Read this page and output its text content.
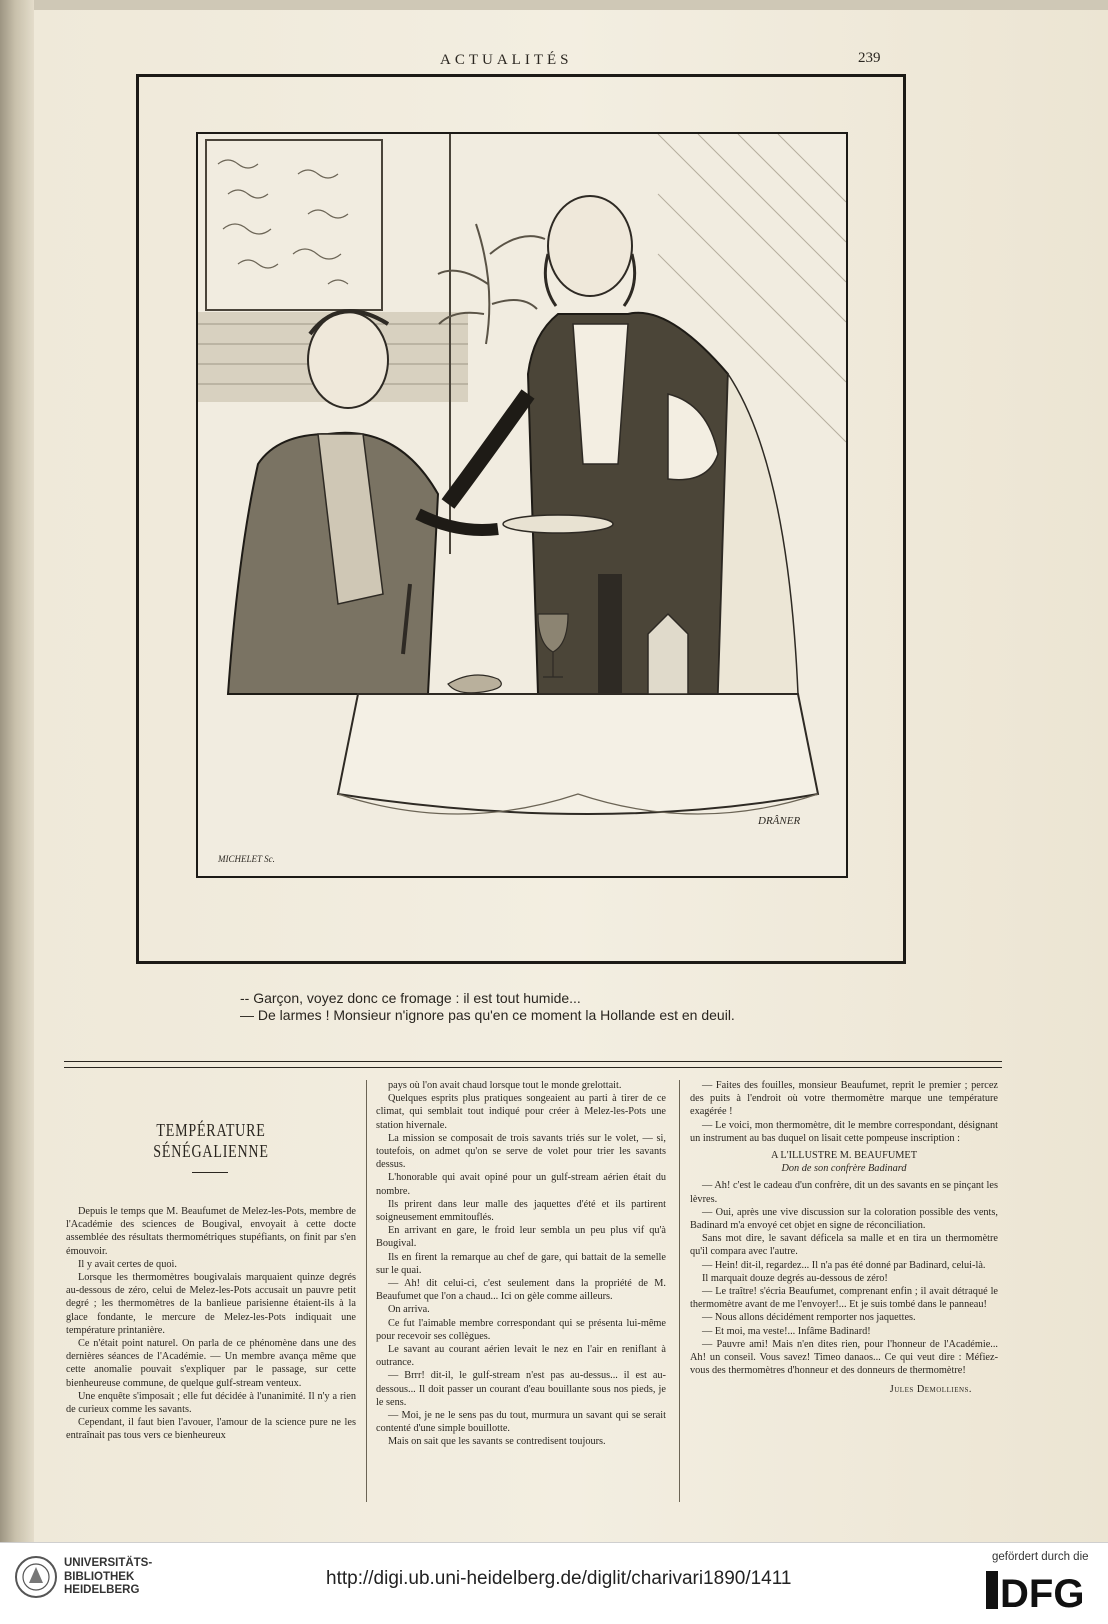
ACTUALITÉS	239
MICHELET Sc.
DRÂNER
-- Garçon, voyez donc ce fromage : il est tout humide...
— De larmes ! Monsieur n'ignore pas qu'en ce moment la Hollande est en deuil.
TEMPÉRATURE SÉNÉGALIENNE

Depuis le temps que M. Beaufumet de Melez-les-Pots, membre de l'Académie des sciences de Bougival, envoyait à cette docte assemblée des résultats thermométriques stupéfiants, on finit par s'en émouvoir.

Il y avait certes de quoi.

Lorsque les thermomètres bougivalais marquaient quinze degrés au-dessous de zéro, celui de Melez-les-Pots accusait un pauvre petit degré ; les thermomètres de la banlieue parisienne étaient-ils à la glace fondante, le mercure de Melez-les-Pots indiquait une température printanière.

Ce n'était point naturel. On parla de ce phénomène dans une des dernières séances de l'Académie. — Un membre avança même que cette anomalie pouvait s'expliquer par le passage, sur cette bienheureuse commune, de quelque gulf-stream venteux.

Une enquête s'imposait ; elle fut décidée à l'unanimité. Il n'y a rien de curieux comme les savants.

Cependant, il faut bien l'avouer, l'amour de la science pure ne les entraînait pas tous vers ce bienheureux

pays où l'on avait chaud lorsque tout le monde grelottait.

Quelques esprits plus pratiques songeaient au parti à tirer de ce climat, qui semblait tout indiqué pour créer à Melez-les-Pots une station hivernale.

La mission se composait de trois savants triés sur le volet, — si, toutefois, on admet qu'on se serve de volet pour trier les savants dessus.

L'honorable qui avait opiné pour un gulf-stream aérien était du nombre.

Ils prirent dans leur malle des jaquettes d'été et ils partirent soigneusement emmitouflés.

En arrivant en gare, le froid leur sembla un peu plus vif qu'à Bougival.

Ils en firent la remarque au chef de gare, qui battait de la semelle sur le quai.

— Ah! dit celui-ci, c'est seulement dans la propriété de M. Beaufumet que l'on a chaud... Ici on gèle comme ailleurs.

On arriva.

Ce fut l'aimable membre correspondant qui se présenta lui-même pour recevoir ses collègues.

Le savant au courant aérien levait le nez en l'air en reniflant à outrance.

— Brrr! dit-il, le gulf-stream n'est pas au-dessus... il est au-dessous... Il doit passer un courant d'eau bouillante sous nos pieds, je le sens.

— Moi, je ne le sens pas du tout, murmura un savant qui se serait contenté d'une simple bouillotte.

Mais on sait que les savants se contredisent toujours.

— Faites des fouilles, monsieur Beaufumet, reprit le premier ; percez des puits à l'endroit où votre thermomètre marque une température exagérée !

— Le voici, mon thermomètre, dit le membre correspondant, désignant un instrument au bas duquel on lisait cette pompeuse inscription :

A L'ILLUSTRE M. BEAUFUMET

Don de son confrère Badinard

— Ah! c'est le cadeau d'un confrère, dit un des savants en se pinçant les lèvres.

— Oui, après une vive discussion sur la coloration possible des vents, Badinard m'a envoyé cet objet en signe de réconciliation.

Sans mot dire, le savant déficela sa malle et en tira un thermomètre qu'il compara avec l'autre.

— Hein! dit-il, regardez... Il n'a pas été donné par Badinard, celui-là.

Il marquait douze degrés au-dessous de zéro!

— Le traître! s'écria Beaufumet, comprenant enfin ; il avait détraqué le thermomètre avant de me l'envoyer!... Et je suis tombé dans le panneau!

— Nous allons décidément remporter nos jaquettes.

— Et moi, ma veste!... Infâme Badinard!

— Pauvre ami! Mais n'en dites rien, pour l'honneur de l'Académie... Ah! un conseil. Vous savez! Timeo danaos... Ce qui veut dire : Méfiez-vous des thermomètres d'honneur et des donneurs de thermomètre!

Jules Demolliens.

UNIVERSITÄTS-
BIBLIOTHEK
HEIDELBERG
http://digi.ub.uni-heidelberg.de/diglit/charivari1890/1411
gefördert durch die
DFG
